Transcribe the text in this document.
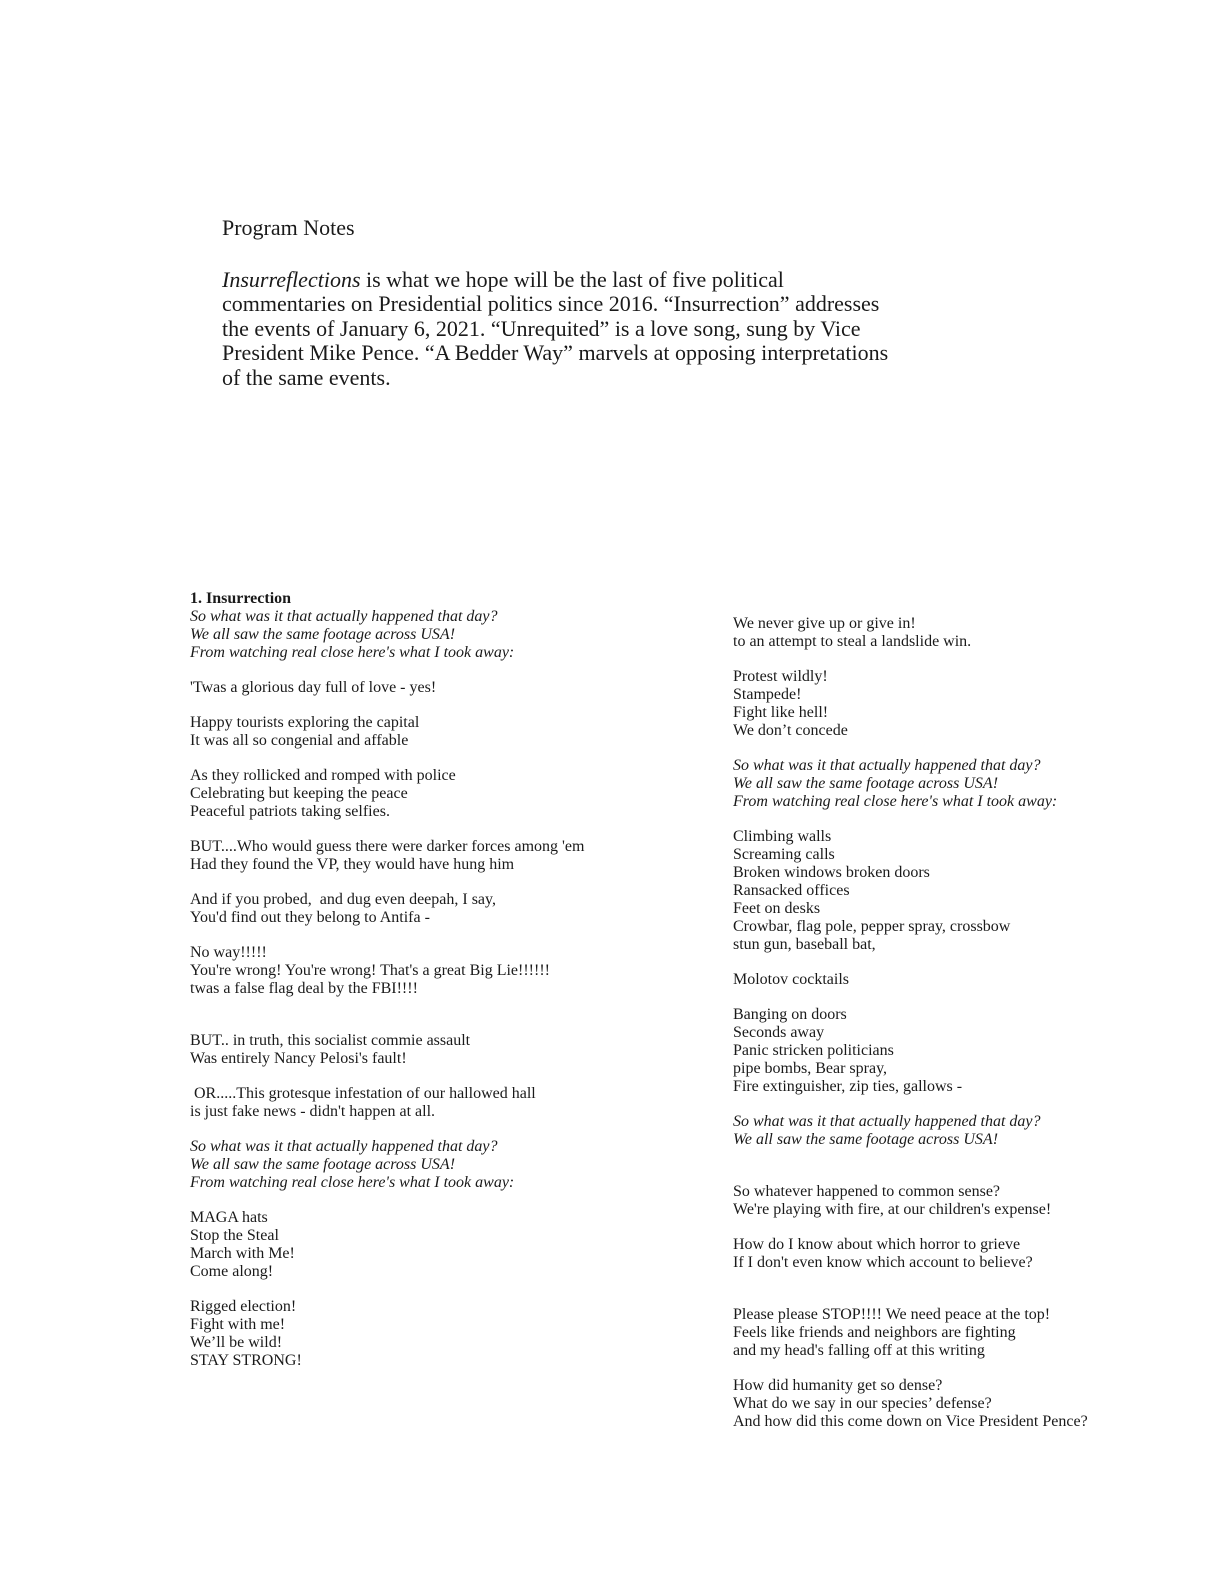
Program Notes

Insurreflections is what we hope will be the last of five political
commentaries on Presidential politics since 2016. “Insurrection” addresses
the events of January 6, 2021. “Unrequited” is a love song, sung by Vice
President Mike Pence. “A Bedder Way” marvels at opposing interpretations
of the same events.

1. Insurrection

So what was it that actually happened that day?
We all saw the same footage across USA!
From watching real close here's what I took away:
'Twas a glorious day full of love - yes!
Happy tourists exploring the capital
It was all so congenial and affable
As they rollicked and romped with police
Celebrating but keeping the peace
Peaceful patriots taking selfies.
BUT....Who would guess there were darker forces among 'em
Had they found the VP, they would have hung him
And if you probed,  and dug even deepah, I say,
You'd find out they belong to Antifa -
No way!!!!!
You're wrong! You're wrong! That's a great Big Lie!!!!!!
twas a false flag deal by the FBI!!!!
BUT.. in truth, this socialist commie assault
Was entirely Nancy Pelosi's fault!
OR.....This grotesque infestation of our hallowed hall
is just fake news - didn't happen at all.
So what was it that actually happened that day?
We all saw the same footage across USA!
From watching real close here's what I took away:
MAGA hats
Stop the Steal
March with Me!
Come along!
Rigged election!
Fight with me!
We’ll be wild!
STAY STRONG!
We never give up or give in!
to an attempt to steal a landslide win.
Protest wildly!
Stampede!
Fight like hell!
We don’t concede
So what was it that actually happened that day?
We all saw the same footage across USA!
From watching real close here's what I took away:
Climbing walls
Screaming calls
Broken windows broken doors
Ransacked offices
Feet on desks
Crowbar, flag pole, pepper spray, crossbow
stun gun, baseball bat,
Molotov cocktails
Banging on doors
Seconds away
Panic stricken politicians
pipe bombs, Bear spray,
Fire extinguisher, zip ties, gallows -
So what was it that actually happened that day?
We all saw the same footage across USA!
So whatever happened to common sense?
We're playing with fire, at our children's expense!
How do I know about which horror to grieve
If I don't even know which account to believe?
Please please STOP!!!! We need peace at the top!
Feels like friends and neighbors are fighting
and my head's falling off at this writing
How did humanity get so dense?
What do we say in our species’ defense?
And how did this come down on Vice President Pence?
